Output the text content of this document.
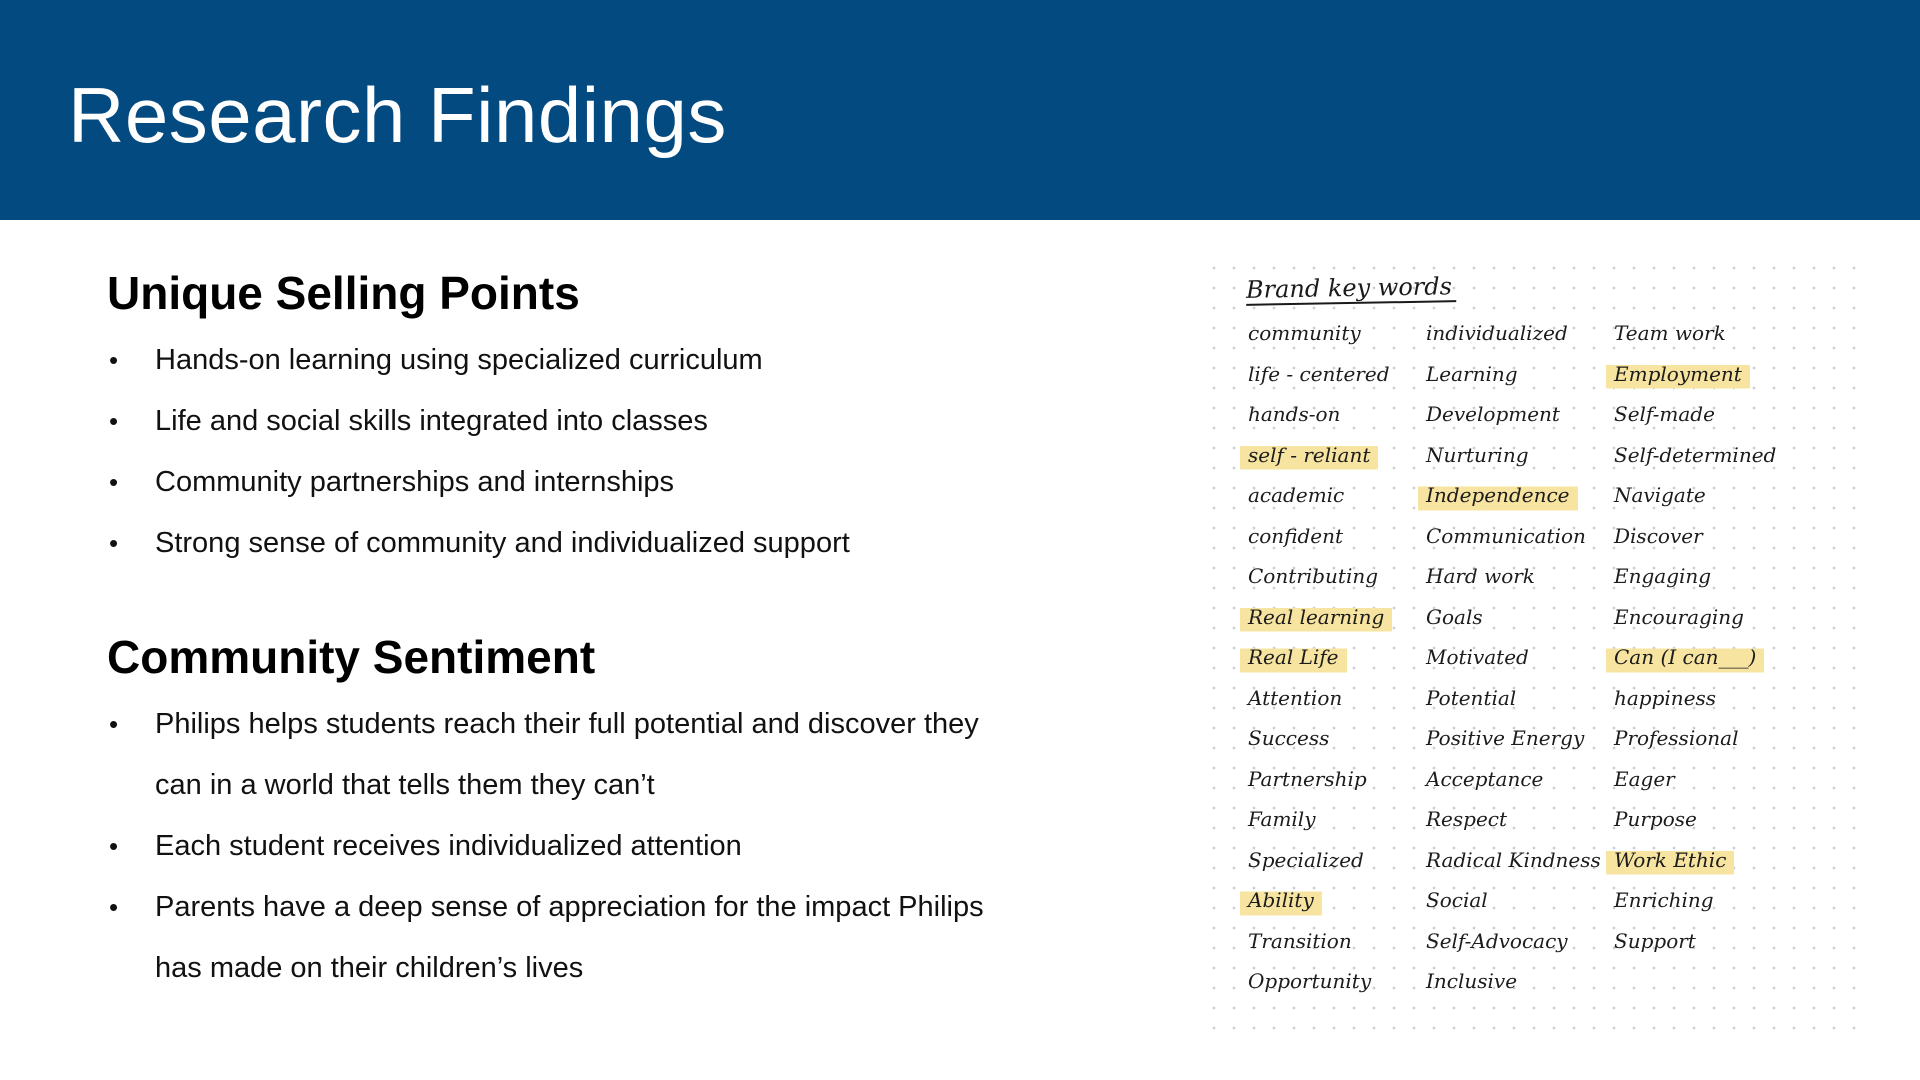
Research Findings
Unique Selling Points
• Hands-on learning using specialized curriculum
• Life and social skills integrated into classes
• Community partnerships and internships
• Strong sense of community and individualized support
Community Sentiment
• Philips helps students reach their full potential and discover they
can in a world that tells them they can’t
• Each student receives individualized attention
• Parents have a deep sense of appreciation for the impact Philips
has made on their children’s lives
Brand key words
community
life - centered
hands-on
self - reliant
academic
confident
Contributing
Real learning
Real Life
Attention
Success
Partnership
Family
Specialized
Ability
Transition
Opportunity
individualized
Learning
Development
Nurturing
Independence
Communication
Hard work
Goals
Motivated
Potential
Positive Energy
Acceptance
Respect
Radical Kindness
Social
Self-Advocacy
Inclusive
Team work
Employment
Self-made
Self-determined
Navigate
Discover
Engaging
Encouraging
Can (I can___)
happiness
Professional
Eager
Purpose
Work Ethic
Enriching
Support
